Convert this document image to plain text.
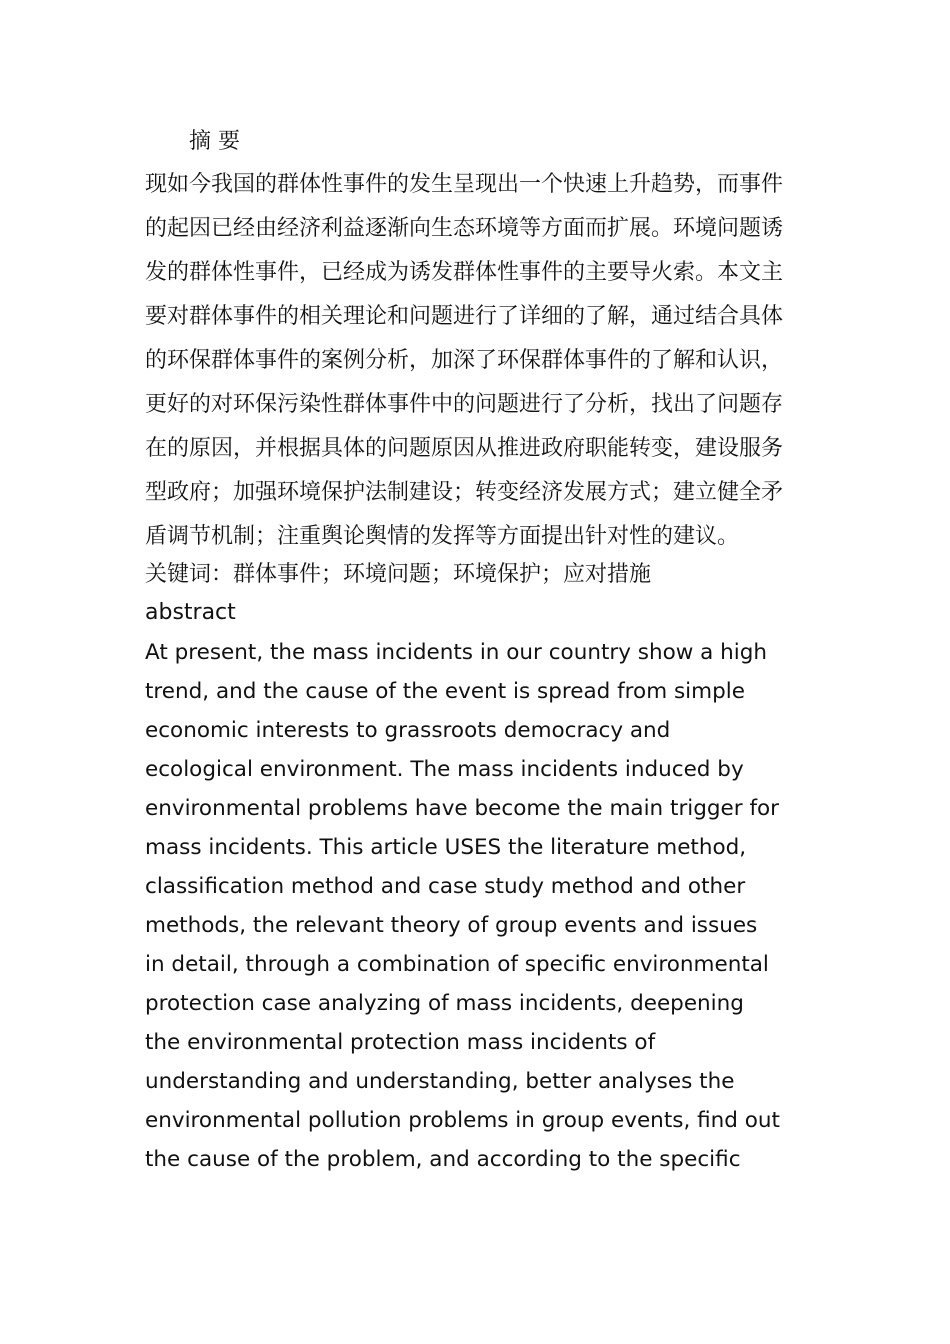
摘 要
现如今我国的群体性事件的发生呈现出一个快速上升趋势，而事件
的起因已经由经济利益逐渐向生态环境等方面而扩展。环境问题诱
发的群体性事件，已经成为诱发群体性事件的主要导火索。本文主
要对群体事件的相关理论和问题进行了详细的了解，通过结合具体
的环保群体事件的案例分析，加深了环保群体事件的了解和认识，
更好的对环保污染性群体事件中的问题进行了分析，找出了问题存
在的原因，并根据具体的问题原因从推进政府职能转变，建设服务
型政府；加强环境保护法制建设；转变经济发展方式；建立健全矛
盾调节机制；注重舆论舆情的发挥等方面提出针对性的建议。
关键词：群体事件；环境问题；环境保护；应对措施
abstract
At present, the mass incidents in our country show a high
trend, and the cause of the event is spread from simple
economic interests to grassroots democracy and
ecological environment. The mass incidents induced by
environmental problems have become the main trigger for
mass incidents. This article USES the literature method,
classification method and case study method and other
methods, the relevant theory of group events and issues
in detail, through a combination of specific environmental
protection case analyzing of mass incidents, deepening
the environmental protection mass incidents of
understanding and understanding, better analyses the
environmental pollution problems in group events, find out
the cause of the problem, and according to the specific
